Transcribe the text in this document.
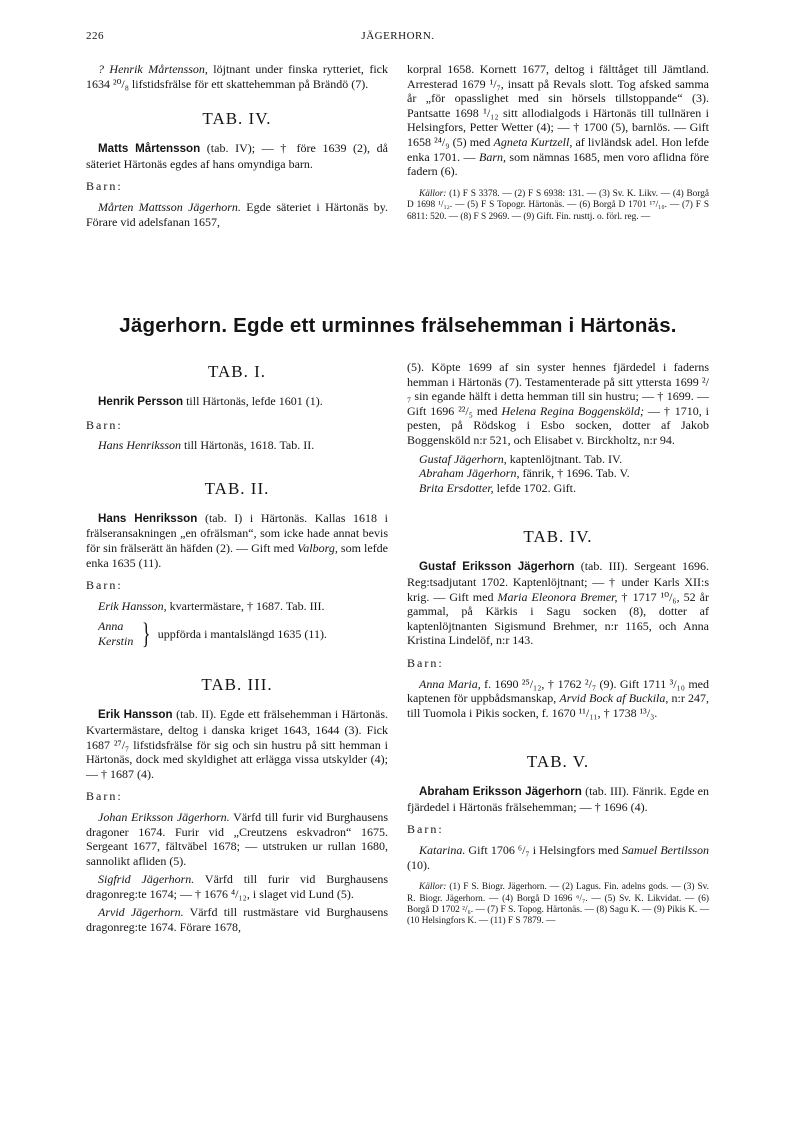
226	JÄGERHORN.

? Henrik Mårtensson, löjtnant under finska rytteriet, fick 1634 ²⁰/₈ lifstidsfrälse för ett skattehemman på Brändö (7).

TAB. IV.

Matts Mårtensson (tab. IV); — † före 1639 (2), då säteriet Härtonäs egdes af hans omyndiga barn.

Barn:

Mårten Mattsson Jägerhorn. Egde säteriet i Härtonäs by. Förare vid adelsfanan 1657,

korpral 1658. Kornett 1677, deltog i fälttåget till Jämtland. Arresterad 1679 ¹/₇, insatt på Revals slott. Tog afsked samma år „för opasslighet med sin hörsels tillstoppande“ (3). Pantsatte 1698 ¹/₁₂ sitt allodialgods i Härtonäs till tullnären i Helsingfors, Petter Wetter (4); — † 1700 (5), barnlös. — Gift 1658 ²⁴/₉ (5) med Agneta Kurtzell, af livländsk adel. Hon lefde enka 1701. — Barn, som nämnas 1685, men voro aflidna före fadern (6).

Källor: (1) F S 3378. — (2) F S 6938: 131. — (3) Sv. K. Likv. — (4) Borgå D 1698 ¹/₁₂. — (5) F S Topogr. Härtonäs. — (6) Borgå D 1701 ¹⁷/₁₀. — (7) F S 6811: 520. — (8) F S 2969. — (9) Gift. Fin. rusttj. o. förl. reg. —

Jägerhorn. Egde ett urminnes frälsehemman i Härtonäs.
TAB. I.

Henrik Persson till Härtonäs, lefde 1601 (1).

Barn:

Hans Henriksson till Härtonäs, 1618. Tab. II.

TAB. II.

Hans Henriksson (tab. I) i Härtonäs. Kallas 1618 i frälseransakningen „en ofrälsman“, som icke hade annat bevis för sin frälserätt än häfden (2). — Gift med Valborg, som lefde enka 1635 (11).

Barn:

Erik Hansson, kvartermästare, † 1687. Tab. III.

Anna
Kerstin } uppförda i mantalslängd 1635 (11).
TAB. III.

Erik Hansson (tab. II). Egde ett frälsehemman i Härtonäs. Kvartermästare, deltog i danska kriget 1643, 1644 (3). Fick 1687 ²⁷/₇ lifstidsfrälse för sig och sin hustru på sitt hemman i Härtonäs, dock med skyldighet att erlägga vissa utskylder (4); — † 1687 (4).

Barn:

Johan Eriksson Jägerhorn. Värfd till furir vid Burghausens dragoner 1674. Furir vid „Creutzens eskvadron“ 1675. Sergeant 1677, fältväbel 1678; — utstruken ur rullan 1680, sannolikt afliden (5).

Sigfrid Jägerhorn. Värfd till furir vid Burghausens dragonreg:te 1674; — † 1676 ⁴/₁₂, i slaget vid Lund (5).

Arvid Jägerhorn. Värfd till rustmästare vid Burghausens dragonreg:te 1674. Förare 1678,

(5). Köpte 1699 af sin syster hennes fjärdedel i faderns hemman i Härtonäs (7). Testamenterade på sitt yttersta 1699 ²/₇ sin egande hälft i detta hemman till sin hustru; — † 1699. — Gift 1696 ²²/₅ med Helena Regina Boggensköld; — † 1710, i pesten, på Rödskog i Esbo socken, dotter af Jakob Boggensköld n:r 521, och Elisabet v. Birckholtz, n:r 94.

Gustaf Jägerhorn, kaptenlöjtnant. Tab. IV.

Abraham Jägerhorn, fänrik, † 1696. Tab. V.

Brita Ersdotter, lefde 1702. Gift.

TAB. IV.

Gustaf Eriksson Jägerhorn (tab. III). Sergeant 1696. Reg:tsadjutant 1702. Kaptenlöjtnant; — † under Karls XII:s krig. — Gift med Maria Eleonora Bremer, † 1717 ¹⁰/₆, 52 år gammal, på Kärkis i Sagu socken (8), dotter af kaptenlöjtnanten Sigismund Brehmer, n:r 1165, och Anna Kristina Lindelöf, n:r 143.

Barn:

Anna Maria, f. 1690 ²⁵/₁₂, † 1762 ²/₇ (9). Gift 1711 ³/₁₀ med kaptenen för uppbådsmanskap, Arvid Bock af Buckila, n:r 247, till Tuomola i Pikis socken, f. 1670 ¹¹/₁₁, † 1738 ¹³/₃.

TAB. V.

Abraham Eriksson Jägerhorn (tab. III). Fänrik. Egde en fjärdedel i Härtonäs frälsehemman; — † 1696 (4).

Barn:

Katarina. Gift 1706 ⁶/₇ i Helsingfors med Samuel Bertilsson (10).

Källor: (1) F S. Biogr. Jägerhorn. — (2) Lagus. Fin. adelns gods. — (3) Sv. R. Biogr. Jägerhorn. — (4) Borgå D 1696 ⁶/₇. — (5) Sv. K. Likvidat. — (6) Borgå D 1702 ²/₆. — (7) F S. Topog. Härtonäs. — (8) Sagu K. — (9) Pikis K. — (10 Helsingfors K. — (11) F S 7879. —
